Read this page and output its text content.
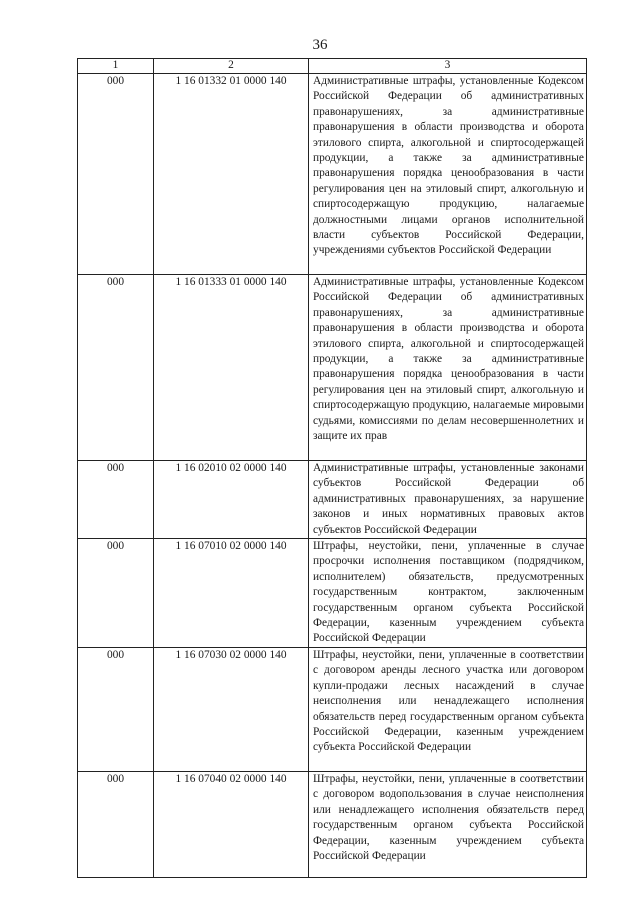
36
1	2	3
000	1 16 01332 01 0000 140	Административные штрафы, установленные Кодексом Российской Федерации об административных правонарушениях, за административные правонарушения в области производства и оборота этилового спирта, алкогольной и спиртосодержащей продукции, а также за административные правонарушения порядка ценообразования в части регулирования цен на этиловый спирт, алкогольную и спиртосодержащую продукцию, налагаемые должностными лицами органов исполнительной власти субъектов Российской Федерации, учреждениями субъектов Российской Федерации
000	1 16 01333 01 0000 140	Административные штрафы, установленные Кодексом Российской Федерации об административных правонарушениях, за административные правонарушения в области производства и оборота этилового спирта, алкогольной и спиртосодержащей продукции, а также за административные правонарушения порядка ценообразования в части регулирования цен на этиловый спирт, алкогольную и спиртосодержащую продукцию, налагаемые мировыми судьями, комиссиями по делам несовершеннолетних и защите их прав
000	1 16 02010 02 0000 140	Административные штрафы, установленные законами субъектов Российской Федерации об административных правонарушениях, за нарушение законов и иных нормативных правовых актов субъектов Российской Федерации
000	1 16 07010 02 0000 140	Штрафы, неустойки, пени, уплаченные в случае просрочки исполнения поставщиком (подрядчиком, исполнителем) обязательств, предусмотренных государственным контрактом, заключенным государственным органом субъекта Российской Федерации, казенным учреждением субъекта Российской Федерации
000	1 16 07030 02 0000 140	Штрафы, неустойки, пени, уплаченные в соответствии с договором аренды лесного участка или договором купли-продажи лесных насаждений в случае неисполнения или ненадлежащего исполнения обязательств перед государственным органом субъекта Российской Федерации, казенным учреждением субъекта Российской Федерации
000	1 16 07040 02 0000 140	Штрафы, неустойки, пени, уплаченные в соответствии с договором водопользования в случае неисполнения или ненадлежащего исполнения обязательств перед государственным органом субъекта Российской Федерации, казенным учреждением субъекта Российской Федерации
